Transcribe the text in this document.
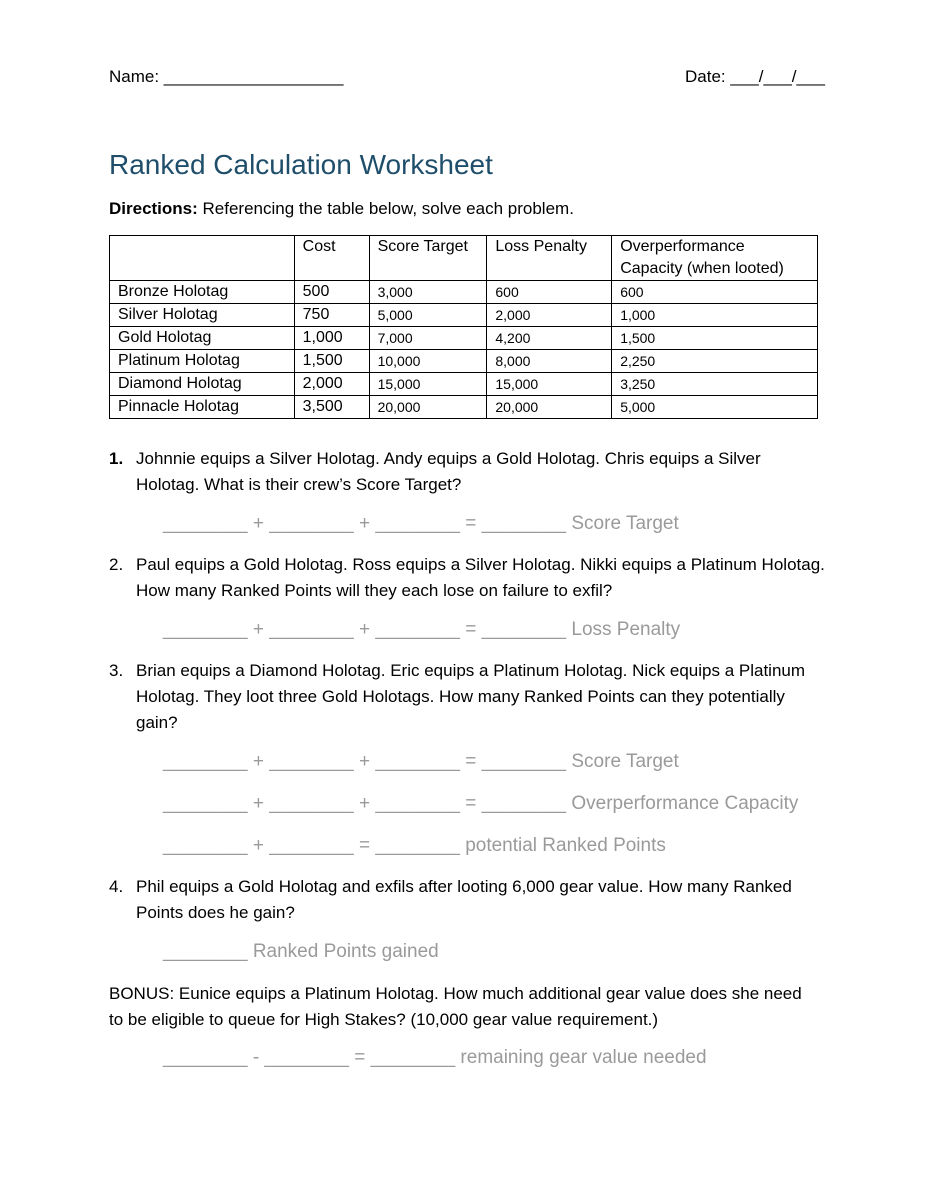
Name: ___________________	Date: ___/___/___
Ranked Calculation Worksheet
Directions: Referencing the table below, solve each problem.
	Cost	Score Target	Loss Penalty	Overperformance Capacity (when looted)
Bronze Holotag	500	3,000	600	600
Silver Holotag	750	5,000	2,000	1,000
Gold Holotag	1,000	7,000	4,200	1,500
Platinum Holotag	1,500	10,000	8,000	2,250
Diamond Holotag	2,000	15,000	15,000	3,250
Pinnacle Holotag	3,500	20,000	20,000	5,000
1. Johnnie equips a Silver Holotag. Andy equips a Gold Holotag. Chris equips a Silver Holotag. What is their crew’s Score Target?
________ + ________ + ________ = ________ Score Target
2. Paul equips a Gold Holotag. Ross equips a Silver Holotag. Nikki equips a Platinum Holotag. How many Ranked Points will they each lose on failure to exfil?
________ + ________ + ________ = ________ Loss Penalty
3. Brian equips a Diamond Holotag. Eric equips a Platinum Holotag. Nick equips a Platinum Holotag. They loot three Gold Holotags. How many Ranked Points can they potentially gain?
________ + ________ + ________ = ________ Score Target
________ + ________ + ________ = ________ Overperformance Capacity
________ + ________ = ________ potential Ranked Points
4. Phil equips a Gold Holotag and exfils after looting 6,000 gear value. How many Ranked Points does he gain?
________ Ranked Points gained
BONUS: Eunice equips a Platinum Holotag. How much additional gear value does she need to be eligible to queue for High Stakes? (10,000 gear value requirement.)
________ - ________ = ________ remaining gear value needed
